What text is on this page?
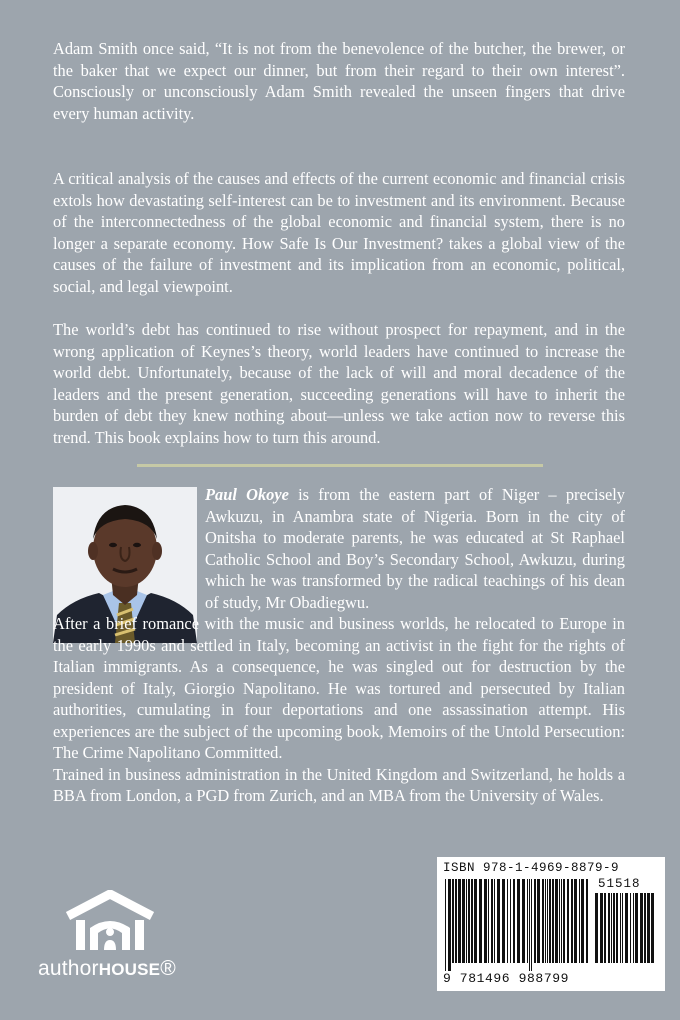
Adam Smith once said, “It is not from the benevolence of the butcher, the brewer, or the baker that we expect our dinner, but from their regard to their own interest”. Consciously or unconsciously Adam Smith revealed the unseen fingers that drive every human activity.

A critical analysis of the causes and effects of the current economic and financial crisis extols how devastating self-interest can be to investment and its environment. Because of the interconnectedness of the global economic and financial system, there is no longer a separate economy. How Safe Is Our Investment? takes a global view of the causes of the failure of investment and its implication from an economic, political, social, and legal viewpoint.

The world’s debt has continued to rise without prospect for repayment, and in the wrong application of Keynes’s theory, world leaders have continued to increase the world debt. Unfortunately, because of the lack of will and moral decadence of the leaders and the present generation, succeeding generations will have to inherit the burden of debt they knew nothing about—unless we take action now to reverse this trend. This book explains how to turn this around.

Paul Okoye is from the eastern part of Niger – precisely Awkuzu, in Anambra state of Nigeria. Born in the city of Onitsha to moderate parents, he was educated at St Raphael Catholic School and Boy’s Secondary School, Awkuzu, during which he was transformed by the radical teachings of his dean of study, Mr Obadiegwu.

After a brief romance with the music and business worlds, he relocated to Europe in the early 1990s and settled in Italy, becoming an activist in the fight for the rights of Italian immigrants. As a consequence, he was singled out for destruction by the president of Italy, Giorgio Napolitano. He was tortured and persecuted by Italian authorities, cumulating in four deportations and one assassination attempt. His experiences are the subject of the upcoming book, Memoirs of the Untold Persecution: The Crime Napolitano Committed.

Trained in business administration in the United Kingdom and Switzerland, he holds a BBA from London, a PGD from Zurich, and an MBA from the University of Wales.

authorHOUSE®
ISBN 978-1-4969-8879-9
51518
9 781496 988799
